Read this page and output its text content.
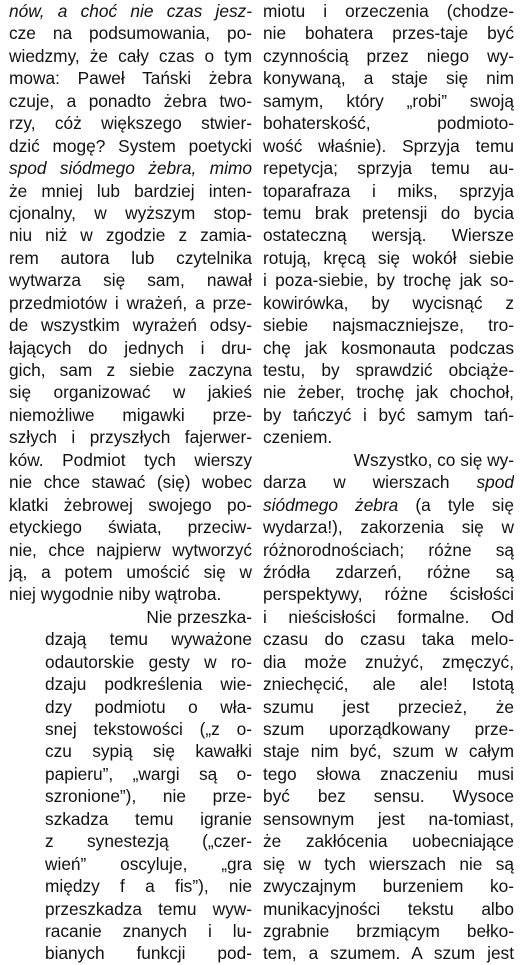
nów, a choć nie czas jesz-
cze na podsumowania, po-
wiedzmy, że cały czas o tym
mowa: Paweł Tański żebra
czuje, a ponadto żebra two-
rzy, cóż większego stwier-
dzić mogę? System poetycki
spod siódmego żebra, mimo
że mniej lub bardziej inten-
cjonalny, w wyższym stop-
niu niż w zgodzie z zamia-
rem autora lub czytelnika
wytwarza się sam, nawał
przedmiotów i wrażeń, a prze-
de wszystkim wyrażeń odsy-
łających do jednych i dru-
gich, sam z siebie zaczyna
się organizować w jakieś
niemożliwe migawki prze-
szłych i przyszłych fajerwer-
ków. Podmiot tych wierszy
nie chce stawać (się) wobec
klatki żebrowej swojego po-
etyckiego świata, przeciw-
nie, chce najpierw wytworzyć
ją, a potem umościć się w
niej wygodnie niby wątroba.
Nie przeszka-
dzają temu wyważone
odautorskie gesty w ro-
dzaju podkreślenia wie-
dzy podmiotu o wła-
snej tekstowości („z o-
czu sypią się kawałki
papieru”, „wargi są o-
szronione”), nie prze-
szkadza temu igranie
z synestezją („czer-
wień” oscyluje, „gra
między f a fis”), nie
przeszkadza temu wyw-
racanie znanych i lu-
bianych funkcji pod-
miotu i orzeczenia (chodze-
nie bohatera przes-taje być
czynnością przez niego wy-
konywaną, a staje się nim
samym, który „robi” swoją
bohaterskość, podmioto-
wość właśnie). Sprzyja temu
repetycja; sprzyja temu au-
toparafraza i miks, sprzyja
temu brak pretensji do bycia
ostateczną wersją. Wiersze
rotują, kręcą się wokół siebie
i poza-siebie, by trochę jak so-
kowirówka, by wycisnąć z
siebie najsmaczniejsze, tro-
chę jak kosmonauta podczas
testu, by sprawdzić obciąże-
nie żeber, trochę jak chochoł,
by tańczyć i być samym tań-
czeniem.
Wszystko, co się wy-
darza w wierszach spod
siódmego żebra (a tyle się
wydarza!), zakorzenia się w
różnorodnościach; różne są
źródła zdarzeń, różne są
perspektywy, różne ścisłości
i nieścisłości formalne. Od
czasu do czasu taka melo-
dia może znużyć, zmęczyć,
zniechęcić, ale ale! Istotą
szumu jest przecież, że
szum uporządkowany prze-
staje nim być, szum w całym
tego słowa znaczeniu musi
być bez sensu. Wysoce
sensownym jest na-tomiast,
że zakłócenia uobecniające
się w tych wierszach nie są
zwyczajnym burzeniem ko-
munikacyjności tekstu albo
zgrabnie brzmiącym bełko-
tem, a szumem. A szum jest
